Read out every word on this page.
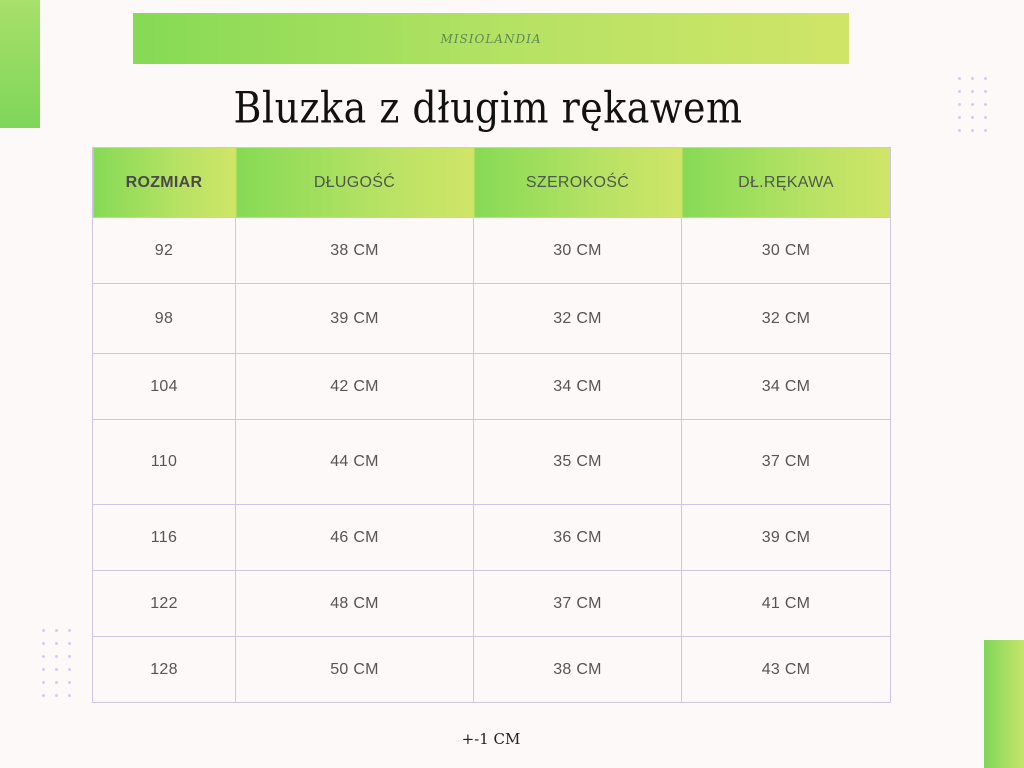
MISIOLANDIA
Bluzka z długim rękawem
ROZMIAR	DŁUGOŚĆ	SZEROKOŚĆ	DŁ.RĘKAWA
92	38 CM	30 CM	30 CM
98	39 CM	32 CM	32 CM
104	42 CM	34 CM	34 CM
110	44 CM	35 CM	37 CM
116	46 CM	36 CM	39 CM
122	48 CM	37 CM	41 CM
128	50 CM	38 CM	43 CM
+-1 CM
